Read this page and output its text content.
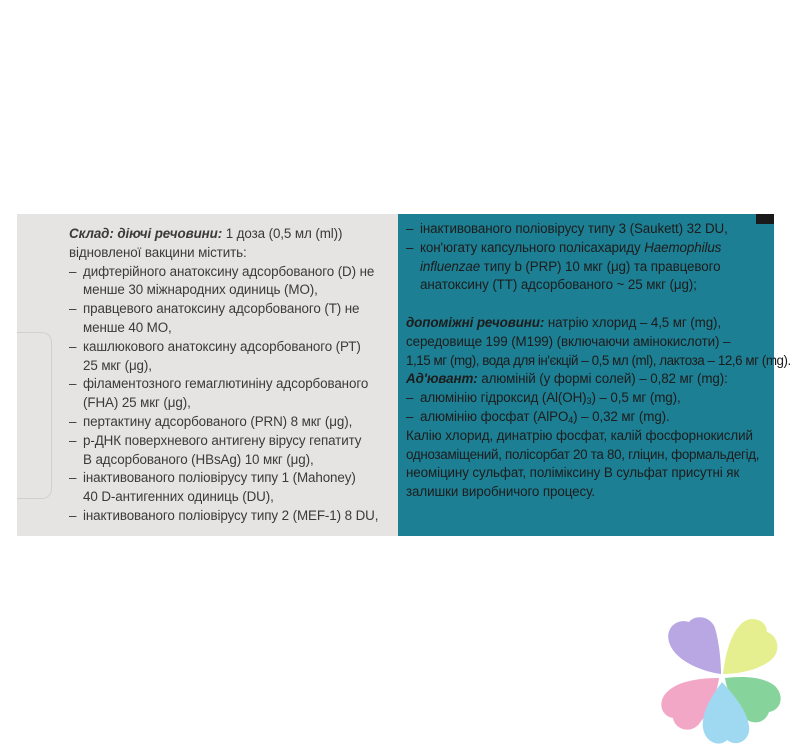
Склад: діючі речовини: 1 доза (0,5 мл (ml))
відновленої вакцини містить:
– дифтерійного анатоксину адсорбованого (D) не
менше 30 міжнародних одиниць (МО),
– правцевого анатоксину адсорбованого (Т) не
менше 40 МО,
– кашлюкового анатоксину адсорбованого (РТ)
25 мкг (μg),
– філаментозного гемаглютиніну адсорбованого
(FHA) 25 мкг (μg),
– пертактину адсорбованого (PRN) 8 мкг (μg),
– р-ДНК поверхневого антигену вірусу гепатиту
В адсорбованого (HBsAg) 10 мкг (μg),
– інактивованого поліовірусу типу 1 (Mahoney)
40 D-антигенних одиниць (DU),
– інактивованого поліовірусу типу 2 (MEF-1) 8 DU,
– інактивованого поліовірусу типу 3 (Saukett) 32 DU,
– кон'югату капсульного полісахариду Haemophilus
influenzae типу b (PRP) 10 мкг (μg) та правцевого
анатоксину (ТТ) адсорбованого ~ 25 мкг (μg);
допоміжні речовини: натрію хлорид – 4,5 мг (mg),
середовище 199 (М199) (включаючи амінокислоти) –
1,15 мг (mg), вода для ін'єкцій – 0,5 мл (ml), лактоза – 12,6 мг (mg).
Ад'ювант: алюміній (у формі солей) – 0,82 мг (mg):
– алюмінію гідроксид $(Al(OH)_3) - 0,5$ мг (mg),
– алюмінію фосфат (AlPO$_4$) – 0,32 мг (mg).
Калію хлорид, динатрію фосфат, калій фосфорнокислий
однозаміщений, полісорбат 20 та 80, гліцин, формальдегід,
неоміцину сульфат, поліміксину В сульфат присутні як
залишки виробничого процесу.
